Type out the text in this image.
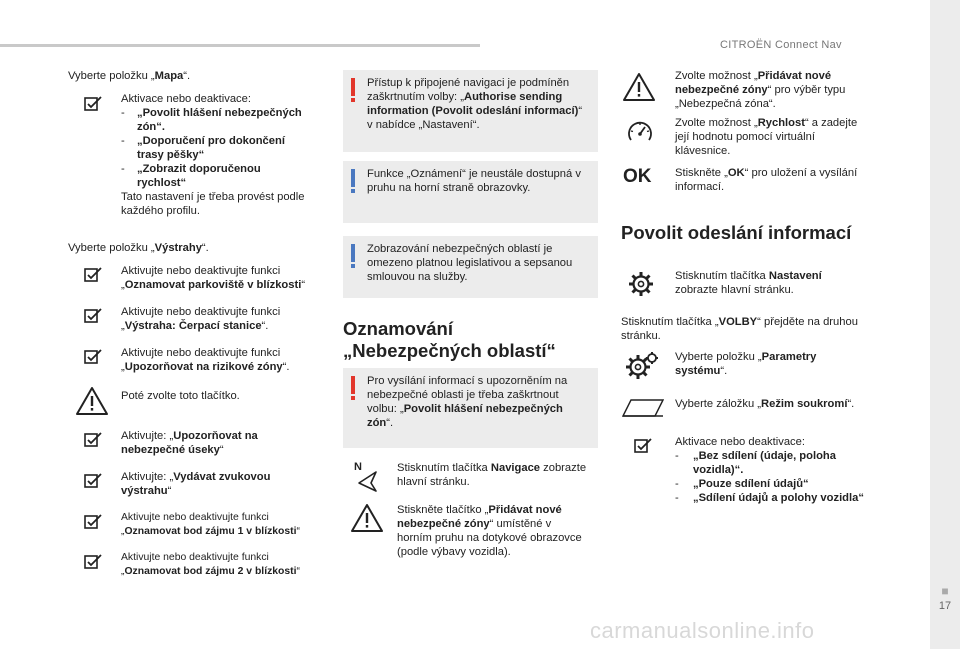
CITROËN Connect Nav
■
17
Vyberte položku „Mapa“.
Aktivace nebo deaktivace:
-	„Povolit hlášení nebezpečných zón“.
-	„Doporučení pro dokončení trasy pěšky“
-	„Zobrazit doporučenou rychlost“
Tato nastavení je třeba provést podle každého profilu.
Vyberte položku „Výstrahy“.
Aktivujte nebo deaktivujte funkci „Oznamovat parkoviště v blízkosti“
Aktivujte nebo deaktivujte funkci „Výstraha: Čerpací stanice“.
Aktivujte nebo deaktivujte funkci „Upozorňovat na rizikové zóny“.
Poté zvolte toto tlačítko.
Aktivujte: „Upozorňovat na nebezpečné úseky“
Aktivujte: „Vydávat zvukovou výstrahu“
Aktivujte nebo deaktivujte funkci „Oznamovat bod zájmu 1 v blízkosti“
Aktivujte nebo deaktivujte funkci „Oznamovat bod zájmu 2 v blízkosti“
Přístup k připojené navigaci je podmíněn zaškrtnutím volby: „Authorise sending information (Povolit odeslání informací)“ v nabídce „Nastavení“.
Funkce „Oznámení“ je neustále dostupná v pruhu na horní straně obrazovky.
Zobrazování nebezpečných oblastí je omezeno platnou legislativou a sepsanou smlouvou na služby.
Oznamování
„Nebezpečných oblastí“
Pro vysílání informací s upozorněním na nebezpečné oblasti je třeba zaškrtnout volbu: „Povolit hlášení nebezpečných zón“.
N	Stisknutím tlačítka Navigace zobrazte hlavní stránku.
Stiskněte tlačítko „Přidávat nové nebezpečné zóny“ umístěné v horním pruhu na dotykové obrazovce (podle výbavy vozidla).
Zvolte možnost „Přidávat nové nebezpečné zóny“ pro výběr typu „Nebezpečná zóna“.
Zvolte možnost „Rychlost“ a zadejte její hodnotu pomocí virtuální klávesnice.
OK Stiskněte „OK“ pro uložení a vysílání informací.
Povolit odeslání informací
Stisknutím tlačítka Nastavení zobrazte hlavní stránku.
Stisknutím tlačítka „VOLBY“ přejděte na druhou stránku.
Vyberte položku „Parametry systému“.
Vyberte záložku „Režim soukromí“.
Aktivace nebo deaktivace:
-	„Bez sdílení (údaje, poloha vozidla)“.
-	„Pouze sdílení údajů“
-	„Sdílení údajů a polohy vozidla“
carmanualsonline.info
